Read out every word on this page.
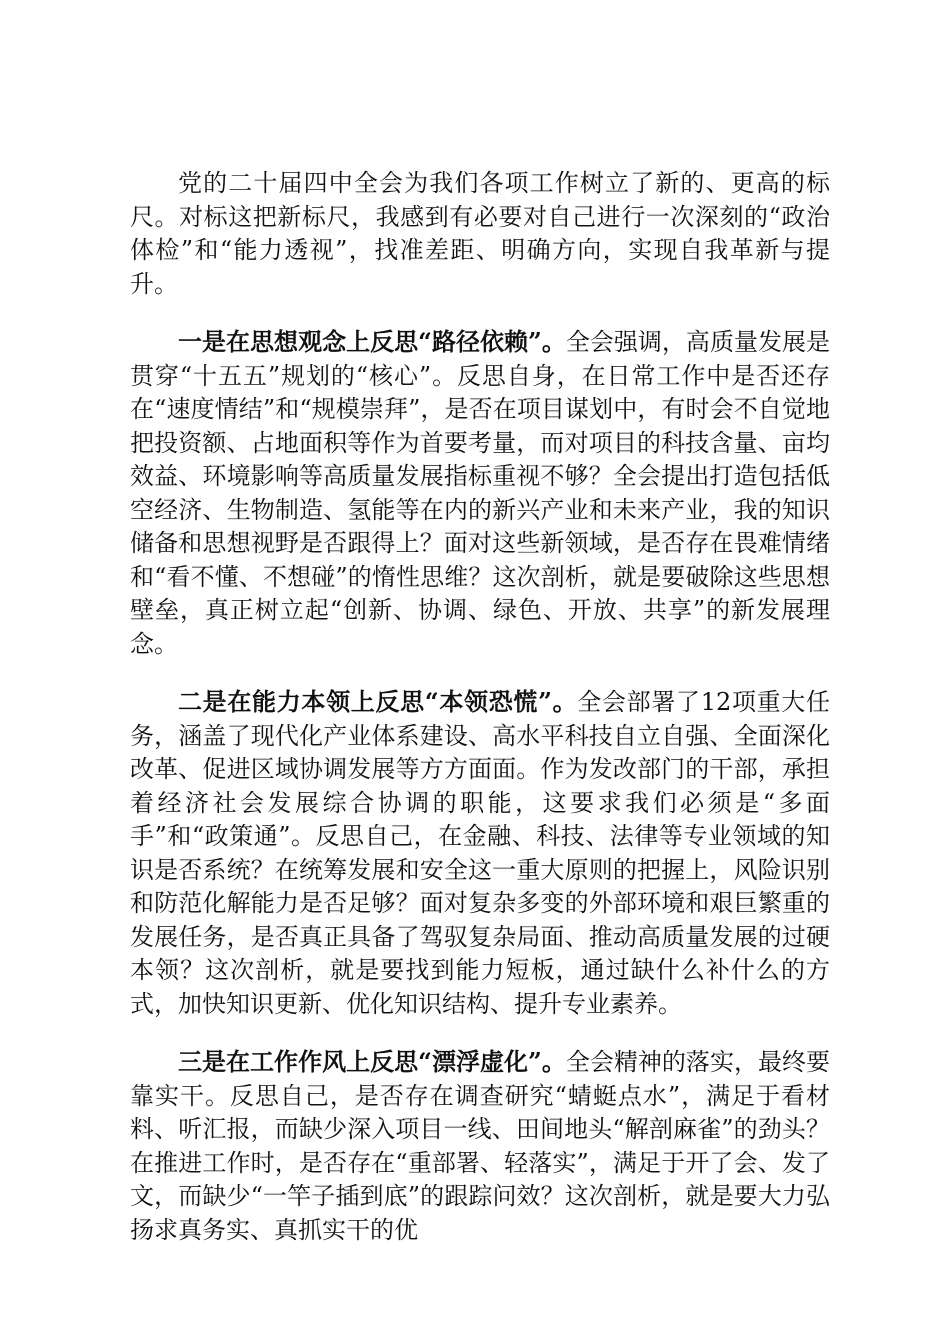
党的二十届四中全会为我们各项工作树立了新的、更高的标尺。对标这把新标尺，我感到有必要对自己进行一次深刻的“政治体检”和“能力透视”，找准差距、明确方向，实现自我革新与提升。

一是在思想观念上反思“路径依赖”。全会强调，高质量发展是贯穿“十五五”规划的“核心”。反思自身，在日常工作中是否还存在“速度情结”和“规模崇拜”，是否在项目谋划中，有时会不自觉地把投资额、占地面积等作为首要考量，而对项目的科技含量、亩均效益、环境影响等高质量发展指标重视不够？全会提出打造包括低空经济、生物制造、氢能等在内的新兴产业和未来产业，我的知识储备和思想视野是否跟得上？面对这些新领域，是否存在畏难情绪和“看不懂、不想碰”的惰性思维？这次剖析，就是要破除这些思想壁垒，真正树立起“创新、协调、绿色、开放、共享”的新发展理念。

二是在能力本领上反思“本领恐慌”。全会部署了12项重大任务，涵盖了现代化产业体系建设、高水平科技自立自强、全面深化改革、促进区域协调发展等方方面面。作为发改部门的干部，承担着经济社会发展综合协调的职能，这要求我们必须是“多面手”和“政策通”。反思自己，在金融、科技、法律等专业领域的知识是否系统？在统筹发展和安全这一重大原则的把握上，风险识别和防范化解能力是否足够？面对复杂多变的外部环境和艰巨繁重的发展任务，是否真正具备了驾驭复杂局面、推动高质量发展的过硬本领？这次剖析，就是要找到能力短板，通过缺什么补什么的方式，加快知识更新、优化知识结构、提升专业素养。

三是在工作作风上反思“漂浮虚化”。全会精神的落实，最终要靠实干。反思自己，是否存在调查研究“蜻蜓点水”，满足于看材料、听汇报，而缺少深入项目一线、田间地头“解剖麻雀”的劲头？在推进工作时，是否存在“重部署、轻落实”，满足于开了会、发了文，而缺少“一竿子插到底”的跟踪问效？这次剖析，就是要大力弘扬求真务实、真抓实干的优
